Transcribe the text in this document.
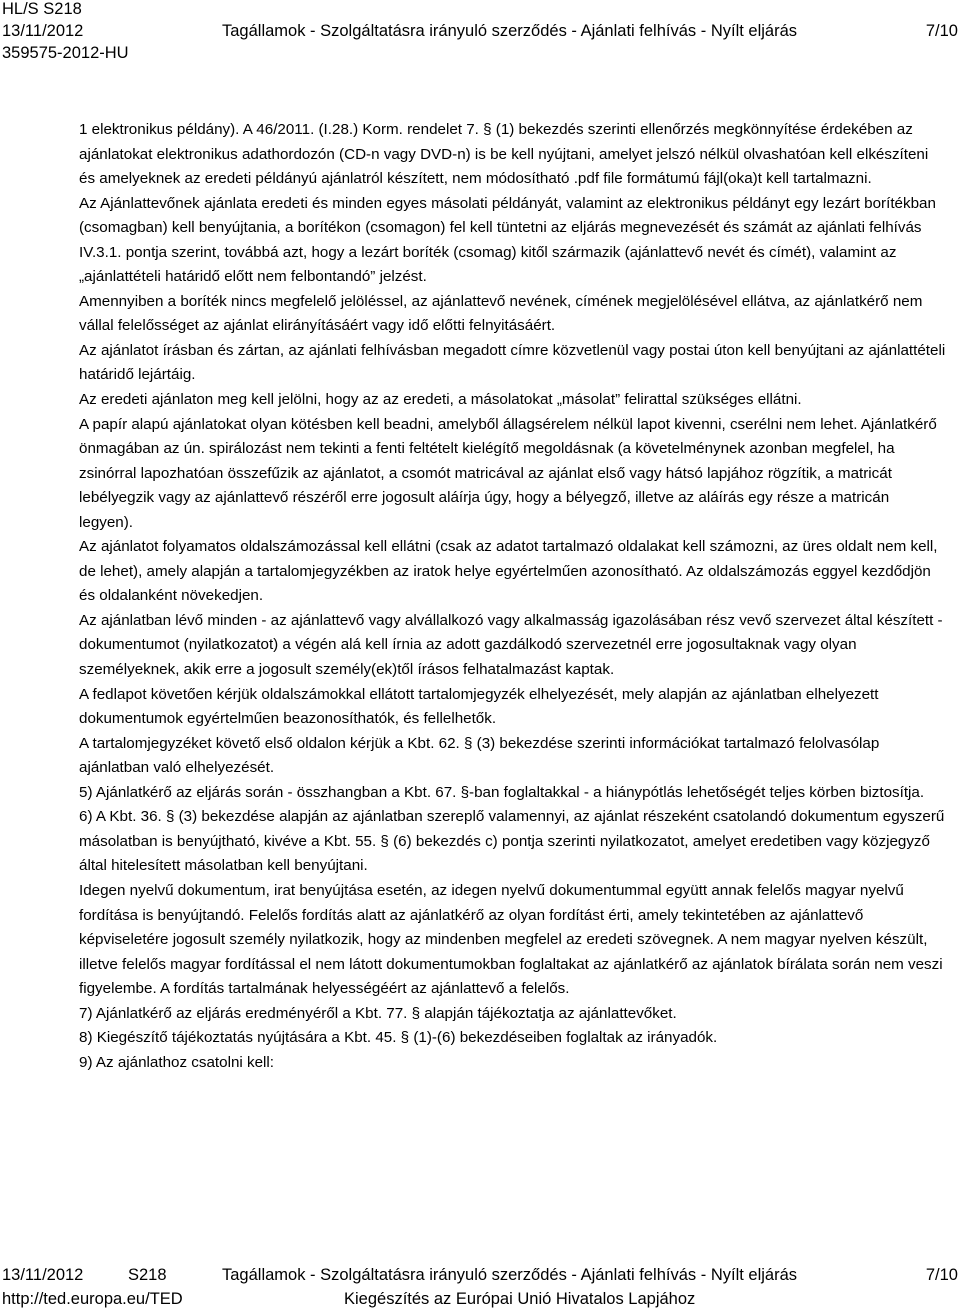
HL/S S218
13/11/2012
359575-2012-HU
Tagállamok - Szolgáltatásra irányuló szerződés - Ajánlati felhívás - Nyílt eljárás	7/10

1 elektronikus példány). A 46/2011. (I.28.) Korm. rendelet 7. § (1) bekezdés szerinti ellenőrzés megkönnyítése érdekében az ajánlatokat elektronikus adathordozón (CD-n vagy DVD-n) is be kell nyújtani, amelyet jelszó nélkül olvashatóan kell elkészíteni és amelyeknek az eredeti példányú ajánlatról készített, nem módosítható .pdf file formátumú fájl(oka)t kell tartalmazni.

Az Ajánlattevőnek ajánlata eredeti és minden egyes másolati példányát, valamint az elektronikus példányt egy lezárt borítékban (csomagban) kell benyújtania, a borítékon (csomagon) fel kell tüntetni az eljárás megnevezését és számát az ajánlati felhívás IV.3.1. pontja szerint, továbbá azt, hogy a lezárt boríték (csomag) kitől származik (ajánlattevő nevét és címét), valamint az „ajánlattételi határidő előtt nem felbontandó” jelzést.

Amennyiben a boríték nincs megfelelő jelöléssel, az ajánlattevő nevének, címének megjelölésével ellátva, az ajánlatkérő nem vállal felelősséget az ajánlat elirányításáért vagy idő előtti felnyitásáért.

Az ajánlatot írásban és zártan, az ajánlati felhívásban megadott címre közvetlenül vagy postai úton kell benyújtani az ajánlattételi határidő lejártáig.

Az eredeti ajánlaton meg kell jelölni, hogy az az eredeti, a másolatokat „másolat” felirattal szükséges ellátni.

A papír alapú ajánlatokat olyan kötésben kell beadni, amelyből állagsérelem nélkül lapot kivenni, cserélni nem lehet. Ajánlatkérő önmagában az ún. spirálozást nem tekinti a fenti feltételt kielégítő megoldásnak (a követelménynek azonban megfelel, ha zsinórral lapozhatóan összefűzik az ajánlatot, a csomót matricával az ajánlat első vagy hátsó lapjához rögzítik, a matricát lebélyegzik vagy az ajánlattevő részéről erre jogosult aláírja úgy, hogy a bélyegző, illetve az aláírás egy része a matricán legyen).

Az ajánlatot folyamatos oldalszámozással kell ellátni (csak az adatot tartalmazó oldalakat kell számozni, az üres oldalt nem kell, de lehet), amely alapján a tartalomjegyzékben az iratok helye egyértelműen azonosítható. Az oldalszámozás eggyel kezdődjön és oldalanként növekedjen.

Az ajánlatban lévő minden - az ajánlattevő vagy alvállalkozó vagy alkalmasság igazolásában rész vevő szervezet által készített - dokumentumot (nyilatkozatot) a végén alá kell írnia az adott gazdálkodó szervezetnél erre jogosultaknak vagy olyan személyeknek, akik erre a jogosult személy(ek)től írásos felhatalmazást kaptak.

A fedlapot követően kérjük oldalszámokkal ellátott tartalomjegyzék elhelyezését, mely alapján az ajánlatban elhelyezett dokumentumok egyértelműen beazonosíthatók, és fellelhetők.

A tartalomjegyzéket követő első oldalon kérjük a Kbt. 62. § (3) bekezdése szerinti információkat tartalmazó felolvasólap ajánlatban való elhelyezését.

5) Ajánlatkérő az eljárás során - összhangban a Kbt. 67. §-ban foglaltakkal - a hiánypótlás lehetőségét teljes körben biztosítja.

6) A Kbt. 36. § (3) bekezdése alapján az ajánlatban szereplő valamennyi, az ajánlat részeként csatolandó dokumentum egyszerű másolatban is benyújtható, kivéve a Kbt. 55. § (6) bekezdés c) pontja szerinti nyilatkozatot, amelyet eredetiben vagy közjegyző által hitelesített másolatban kell benyújtani.

Idegen nyelvű dokumentum, irat benyújtása esetén, az idegen nyelvű dokumentummal együtt annak felelős magyar nyelvű fordítása is benyújtandó. Felelős fordítás alatt az ajánlatkérő az olyan fordítást érti, amely tekintetében az ajánlattevő képviseletére jogosult személy nyilatkozik, hogy az mindenben megfelel az eredeti szövegnek. A nem magyar nyelven készült, illetve felelős magyar fordítással el nem látott dokumentumokban foglaltakat az ajánlatkérő az ajánlatok bírálata során nem veszi figyelembe. A fordítás tartalmának helyességéért az ajánlattevő a felelős.

7) Ajánlatkérő az eljárás eredményéről a Kbt. 77. § alapján tájékoztatja az ajánlattevőket.

8) Kiegészítő tájékoztatás nyújtására a Kbt. 45. § (1)-(6) bekezdéseiben foglaltak az irányadók.

9) Az ajánlathoz csatolni kell:

13/11/2012	S218	Tagállamok - Szolgáltatásra irányuló szerződés - Ajánlati felhívás - Nyílt eljárás	7/10
http://ted.europa.eu/TED	Kiegészítés az Európai Unió Hivatalos Lapjához
